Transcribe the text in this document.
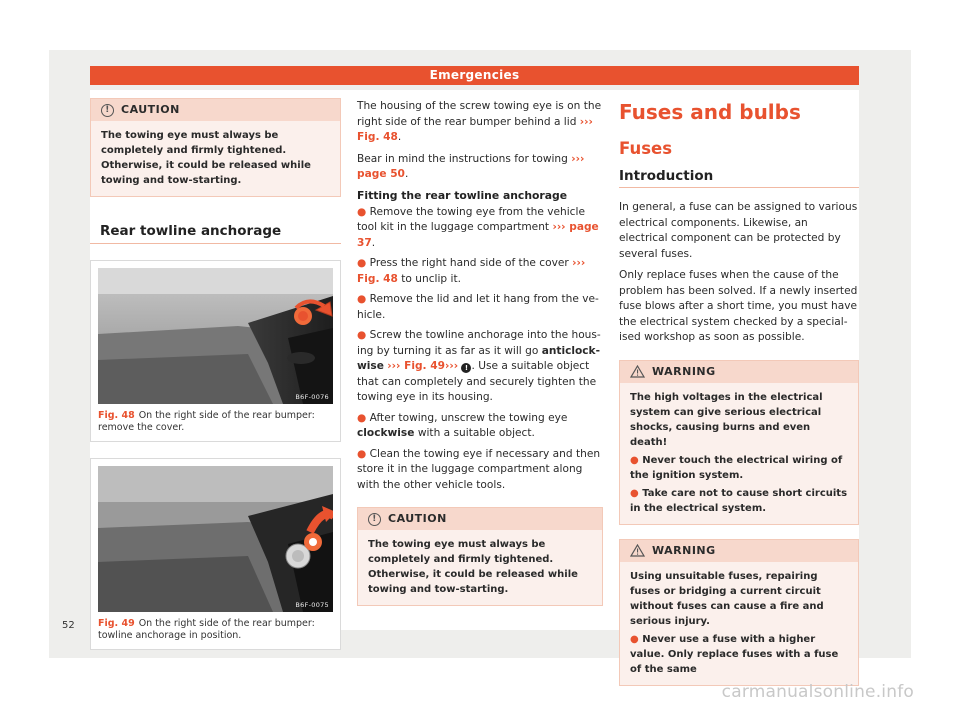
Emergencies
!	CAUTION
The towing eye must always be completely and firmly tightened. Otherwise, it could be released while towing and tow-starting.
Rear towline anchorage
B6F-0076
Fig. 48 On the right side of the rear bumper: remove the cover.
B6F-0075
Fig. 49 On the right side of the rear bumper: towline anchorage in position.

The housing of the screw towing eye is on the right side of the rear bumper behind a lid ››› Fig. 48.

Bear in mind the instructions for towing ››› page 50.

Fitting the rear towline anchorage
● Remove the towing eye from the vehicle tool kit in the luggage compartment ››› page 37.
● Press the right hand side of the cover ››› Fig. 48 to unclip it.
● Remove the lid and let it hang from the ve-hicle.
● Screw the towline anchorage into the hous-ing by turning it as far as it will go anticlock-wise ››› Fig. 49››› ! . Use a suitable object that can completely and securely tighten the towing eye in its housing.
● After towing, unscrew the towing eye clockwise with a suitable object.
● Clean the towing eye if necessary and then store it in the luggage compartment along with the other vehicle tools.
!	CAUTION
The towing eye must always be completely and firmly tightened. Otherwise, it could be released while towing and tow-starting.
Fuses and bulbs
Fuses
Introduction

In general, a fuse can be assigned to various electrical components. Likewise, an electrical component can be protected by several fuses.

Only replace fuses when the cause of the problem has been solved. If a newly inserted fuse blows after a short time, you must have the electrical system checked by a special-ised workshop as soon as possible.

WARNING
The high voltages in the electrical system can give serious electrical shocks, causing burns and even death!
● Never touch the electrical wiring of the ignition system.
● Take care not to cause short circuits in the electrical system.
WARNING
Using unsuitable fuses, repairing fuses or bridging a current circuit without fuses can cause a fire and serious injury.
● Never use a fuse with a higher value. Only replace fuses with a fuse of the same
52
carmanualsonline.info
